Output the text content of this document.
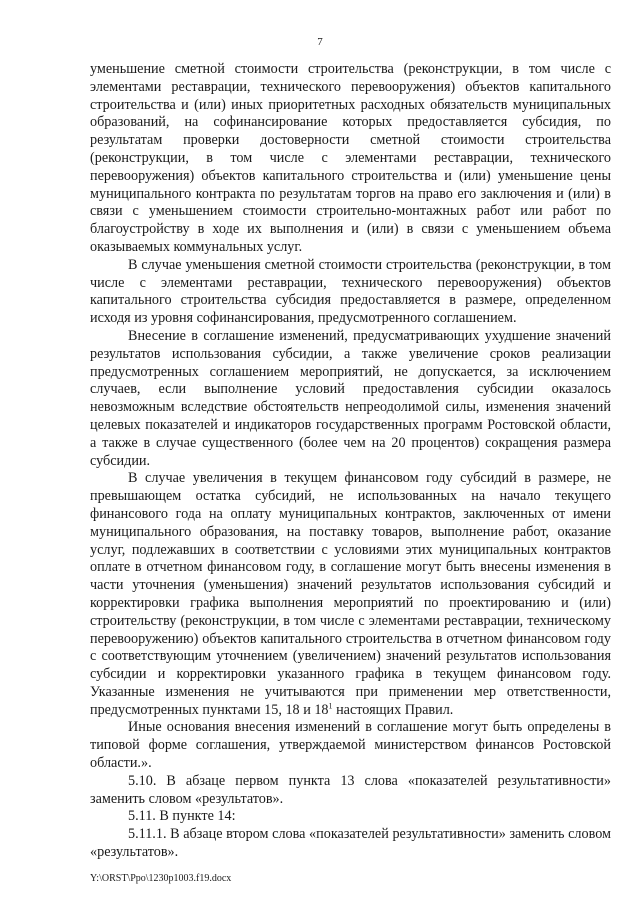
7

уменьшение сметной стоимости строительства (реконструкции, в том числе с элементами реставрации, технического перевооружения) объектов капитального строительства и (или) иных приоритетных расходных обязательств муниципальных образований, на софинансирование которых предоставляется субсидия, по результатам проверки достоверности сметной стоимости строительства (реконструкции, в том числе с элементами реставрации, технического перевооружения) объектов капитального строительства и (или) уменьшение цены муниципального контракта по результатам торгов на право его заключения и (или) в связи с уменьшением стоимости строительно-монтажных работ или работ по благоустройству в ходе их выполнения и (или) в связи с уменьшением объема оказываемых коммунальных услуг.

В случае уменьшения сметной стоимости строительства (реконструкции, в том числе с элементами реставрации, технического перевооружения) объектов капитального строительства субсидия предоставляется в размере, определенном исходя из уровня софинансирования, предусмотренного соглашением.

Внесение в соглашение изменений, предусматривающих ухудшение значений результатов использования субсидии, а также увеличение сроков реализации предусмотренных соглашением мероприятий, не допускается, за исключением случаев, если выполнение условий предоставления субсидии оказалось невозможным вследствие обстоятельств непреодолимой силы, изменения значений целевых показателей и индикаторов государственных программ Ростовской области, а также в случае существенного (более чем на 20 процентов) сокращения размера субсидии.

В случае увеличения в текущем финансовом году субсидий в размере, не превышающем остатка субсидий, не использованных на начало текущего финансового года на оплату муниципальных контрактов, заключенных от имени муниципального образования, на поставку товаров, выполнение работ, оказание услуг, подлежавших в соответствии с условиями этих муниципальных контрактов оплате в отчетном финансовом году, в соглашение могут быть внесены изменения в части уточнения (уменьшения) значений результатов использования субсидий и корректировки графика выполнения мероприятий по проектированию и (или) строительству (реконструкции, в том числе с элементами реставрации, техническому перевооружению) объектов капитального строительства в отчетном финансовом году с соответствующим уточнением (увеличением) значений результатов использования субсидии и корректировки указанного графика в текущем финансовом году. Указанные изменения не учитываются при применении мер ответственности, предусмотренных пунктами 15, 18 и $18^1$ настоящих Правил.

Иные основания внесения изменений в соглашение могут быть определены в типовой форме соглашения, утверждаемой министерством финансов Ростовской области.».

5.10. В абзаце первом пункта 13 слова «показателей результативности» заменить словом «результатов».

5.11. В пункте 14:

5.11.1. В абзаце втором слова «показателей результативности» заменить словом «результатов».

Y:\ORST\Ppo\1230p1003.f19.docx
